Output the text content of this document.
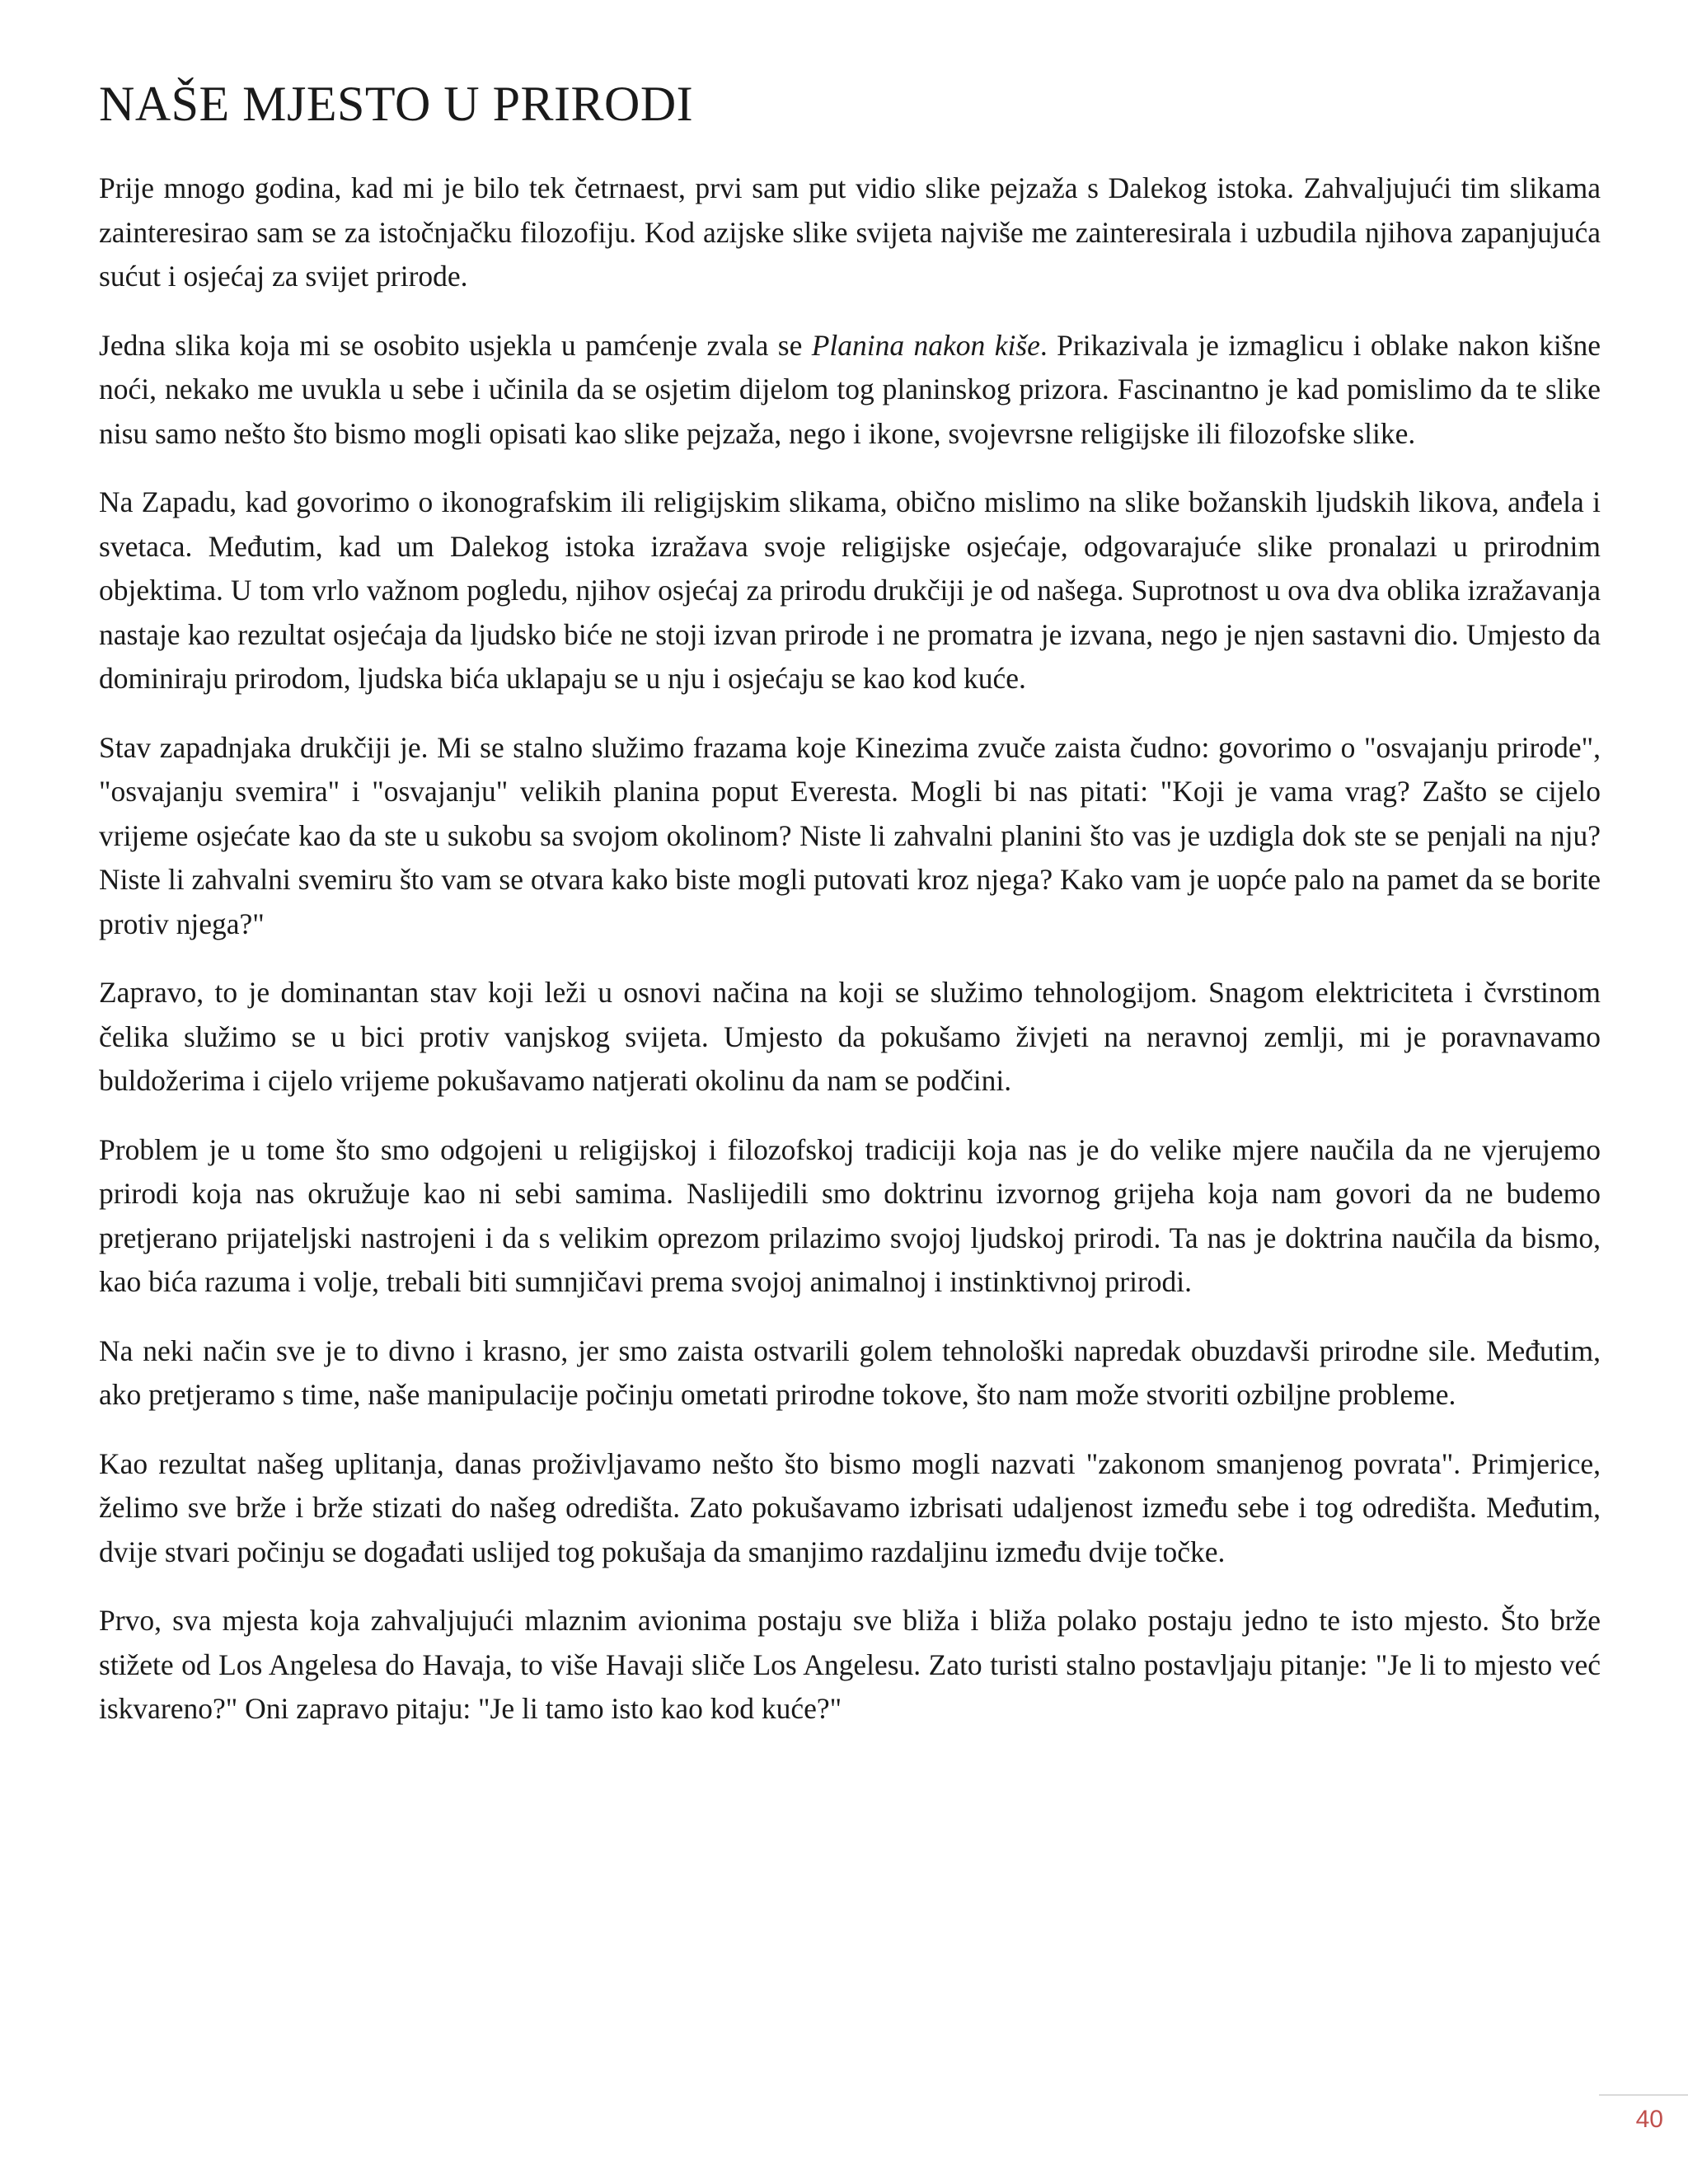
NAŠE MJESTO U PRIRODI

Prije mnogo godina, kad mi je bilo tek četrnaest, prvi sam put vidio slike pejzaža s Dalekog istoka. Zahvaljujući tim slikama zainteresirao sam se za istočnjačku filozofiju. Kod azijske slike svijeta najviše me zainteresirala i uzbudila njihova zapanjujuća sućut i osjećaj za svijet prirode.

Jedna slika koja mi se osobito usjekla u pamćenje zvala se Planina nakon kiše. Prikazivala je izmaglicu i oblake nakon kišne noći, nekako me uvukla u sebe i učinila da se osjetim dijelom tog planinskog prizora. Fascinantno je kad pomislimo da te slike nisu samo nešto što bismo mogli opisati kao slike pejzaža, nego i ikone, svojevrsne religijske ili filozofske slike.

Na Zapadu, kad govorimo o ikonografskim ili religijskim slikama, obično mislimo na slike božanskih ljudskih likova, anđela i svetaca. Međutim, kad um Dalekog istoka izražava svoje religijske osjećaje, odgovarajuće slike pronalazi u prirodnim objektima. U tom vrlo važnom pogledu, njihov osjećaj za prirodu drukčiji je od našega. Suprotnost u ova dva oblika izražavanja nastaje kao rezultat osjećaja da ljudsko biće ne stoji izvan prirode i ne promatra je izvana, nego je njen sastavni dio. Umjesto da dominiraju prirodom, ljudska bića uklapaju se u nju i osjećaju se kao kod kuće.

Stav zapadnjaka drukčiji je. Mi se stalno služimo frazama koje Kinezima zvuče zaista čudno: govorimo o "osvajanju prirode", "osvajanju svemira" i "osvajanju" velikih planina poput Everesta. Mogli bi nas pitati: "Koji je vama vrag? Zašto se cijelo vrijeme osjećate kao da ste u sukobu sa svojom okolinom? Niste li zahvalni planini što vas je uzdigla dok ste se penjali na nju? Niste li zahvalni svemiru što vam se otvara kako biste mogli putovati kroz njega? Kako vam je uopće palo na pamet da se borite protiv njega?"

Zapravo, to je dominantan stav koji leži u osnovi načina na koji se služimo tehnologijom. Snagom elektriciteta i čvrstinom čelika služimo se u bici protiv vanjskog svijeta. Umjesto da pokušamo živjeti na neravnoj zemlji, mi je poravnavamo buldožerima i cijelo vrijeme pokušavamo natjerati okolinu da nam se podčini.

Problem je u tome što smo odgojeni u religijskoj i filozofskoj tradiciji koja nas je do velike mjere naučila da ne vjerujemo prirodi koja nas okružuje kao ni sebi samima. Naslijedili smo doktrinu izvornog grijeha koja nam govori da ne budemo pretjerano prijateljski nastrojeni i da s velikim oprezom prilazimo svojoj ljudskoj prirodi. Ta nas je doktrina naučila da bismo, kao bića razuma i volje, trebali biti sumnjičavi prema svojoj animalnoj i instinktivnoj prirodi.

Na neki način sve je to divno i krasno, jer smo zaista ostvarili golem tehnološki napredak obuzdavši prirodne sile. Međutim, ako pretjeramo s time, naše manipulacije počinju ometati prirodne tokove, što nam može stvoriti ozbiljne probleme.

Kao rezultat našeg uplitanja, danas proživljavamo nešto što bismo mogli nazvati "zakonom smanjenog povrata". Primjerice, želimo sve brže i brže stizati do našeg odredišta. Zato pokušavamo izbrisati udaljenost između sebe i tog odredišta. Međutim, dvije stvari počinju se događati uslijed tog pokušaja da smanjimo razdaljinu između dvije točke.

Prvo, sva mjesta koja zahvaljujući mlaznim avionima postaju sve bliža i bliža polako postaju jedno te isto mjesto. Što brže stižete od Los Angelesa do Havaja, to više Havaji sliče Los Angelesu. Zato turisti stalno postavljaju pitanje: "Je li to mjesto već iskvareno?" Oni zapravo pitaju: "Je li tamo isto kao kod kuće?"

40
